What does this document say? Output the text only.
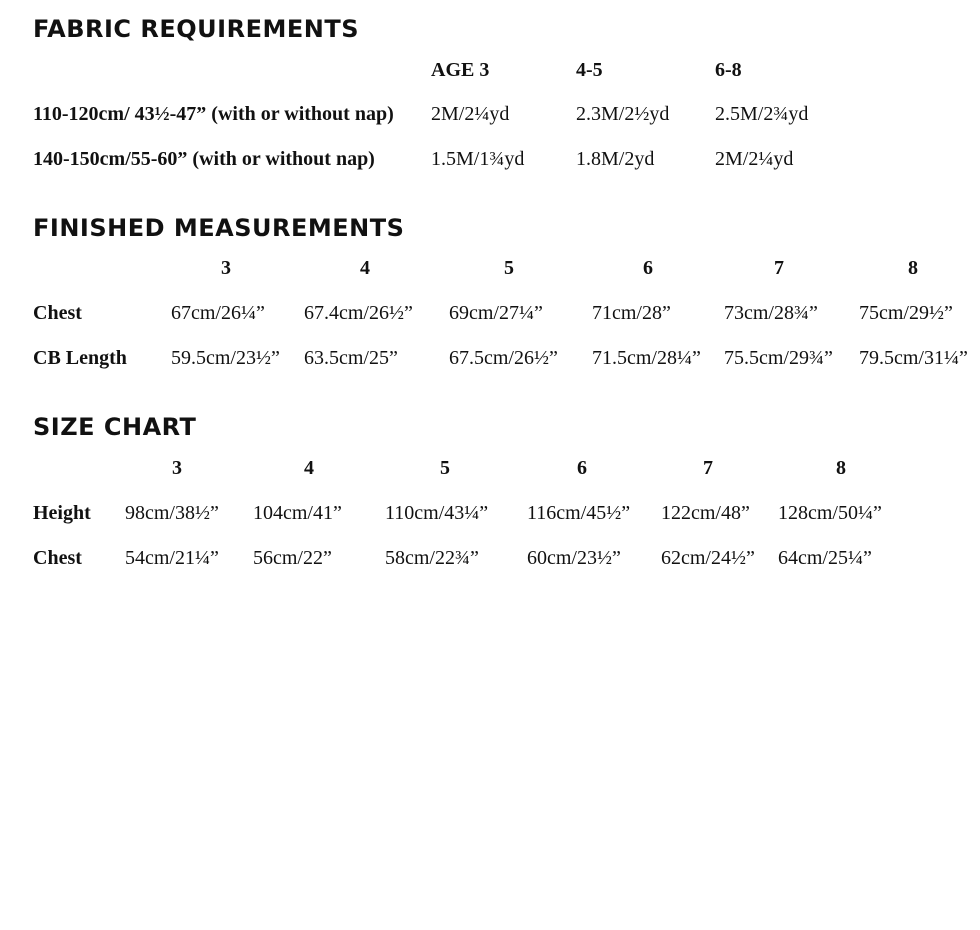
FABRIC REQUIREMENTS
AGE 3	4-5	6-8
110-120cm/ 43½-47” (with or without nap) 2M/2¼yd	2.3M/2½yd 2.5M/2¾yd
140-150cm/55-60” (with or without nap)	1.5M/1¾yd	1.8M/2yd	2M/2¼yd
FINISHED MEASUREMENTS
3	4	5	6	7	8
Chest	67cm/26¼” 67.4cm/26½” 69cm/27¼” 71cm/28”	73cm/28¾” 75cm/29½”
CB Length 59.5cm/23½” 63.5cm/25”	67.5cm/26½” 71.5cm/28¼” 75.5cm/29¾” 79.5cm/31¼”
SIZE CHART
3	4	5	6	7	8
Height 98cm/38½” 104cm/41” 110cm/43¼” 116cm/45½” 122cm/48” 128cm/50¼”
Chest 54cm/21¼” 56cm/22”	58cm/22¾” 60cm/23½” 62cm/24½” 64cm/25¼”
